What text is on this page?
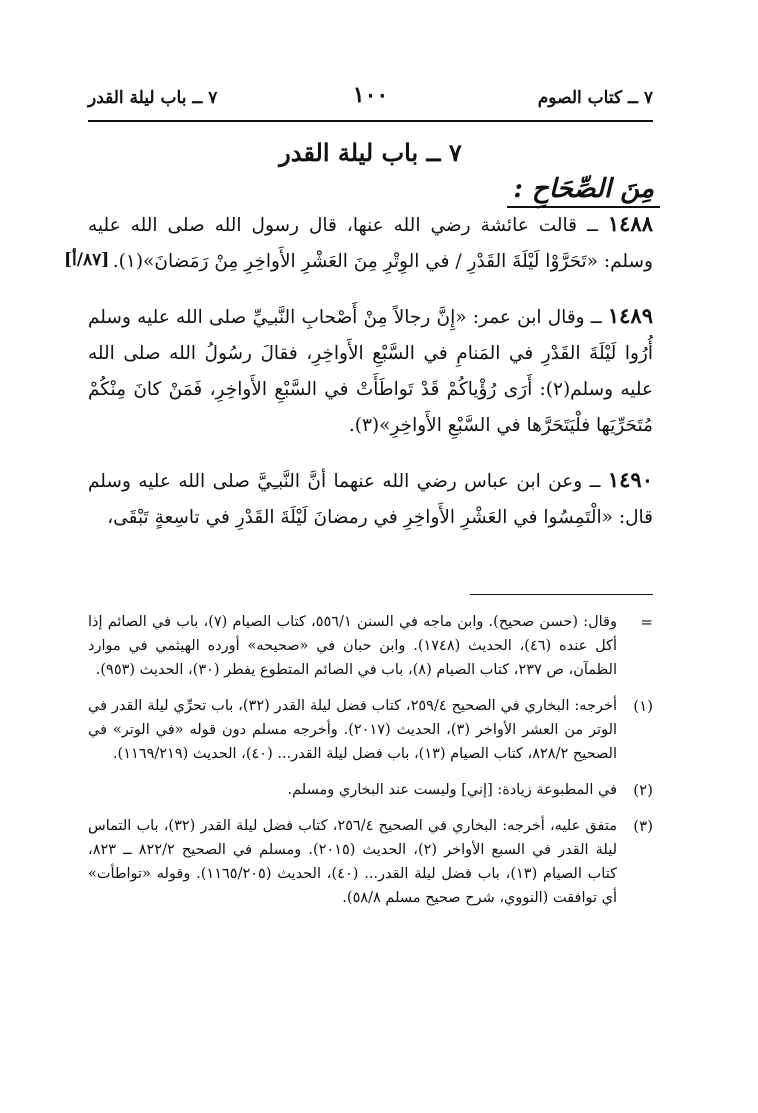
٧ ــ كتاب الصوم
١٠٠
٧ ــ باب ليلة القدر
٧ ــ باب ليلة القدر
مِنَ الصِّحَاحِ :

١٤٨٨ ــ قالت عائشة رضي الله عنها، قال رسول الله صلى الله عليه وسلم: «تَحَرَّوْا لَيْلَةَ القَدْرِ / في الوِتْرِ مِنَ العَشْرِ الأَواخِرِ مِنْ رَمَضانَ»(١).
[٨٧/أ]

١٤٨٩ ــ وقال ابن عمر: «إِنَّ رجالاً مِنْ أَصْحابِ النَّبـِيِّ صلى الله عليه وسلم أُرُوا لَيْلَةَ القَدْرِ في المَنامِ في السَّبْعِ الأَواخِرِ، فقالَ رسُولُ الله صلى الله عليه وسلم(٢): أَرَى رُؤْياكُمْ قَدْ تَواطَأَتْ في السَّبْعِ الأَواخِرِ، فَمَنْ كانَ مِنْكُمْ مُتَحَرِّيَها فلْيَتَحَرَّها في السَّبْعِ الأَواخِرِ»(٣).

١٤٩٠ ــ وعن ابن عباس رضي الله عنهما أنَّ النَّبـِيَّ صلى الله عليه وسلم قال: «الْتَمِسُوا في العَشْرِ الأَواخِرِ في رمضانَ لَيْلَةَ القَدْرِ في تاسِعةٍ تَبْقَى،

=
وقال: (حسن صحيح). وابن ماجه في السنن ٥٥٦/١، كتاب الصيام (٧)، باب في الصائم إذا أكل عنده (٤٦)، الحديث (١٧٤٨). وابن حبان في «صحيحه» أورده الهيثمي في موارد الظمآن، ص ٢٣٧، كتاب الصيام (٨)، باب في الصائم المتطوع يفطر (٣٠)، الحديث (٩٥٣).

(١)
أخرجه: البخاري في الصحيح ٢٥٩/٤، كتاب فضل ليلة القدر (٣٢)، باب تحرِّي ليلة القدر في الوتر من العشر الأواخر (٣)، الحديث (٢٠١٧). وأخرجه مسلم دون قوله «في الوتر» في الصحيح ٨٢٨/٢، كتاب الصيام (١٣)، باب فضل ليلة القدر... (٤٠)، الحديث (١١٦٩/٢١٩).

(٢)
في المطبوعة زيادة: [إني] وليست عند البخاري ومسلم.

(٣)
متفق عليه، أخرجه: البخاري في الصحيح ٢٥٦/٤، كتاب فضل ليلة القدر (٣٢)، باب التماس ليلة القدر في السبع الأواخر (٢)، الحديث (٢٠١٥). ومسلم في الصحيح ٨٢٢/٢ ــ ٨٢٣، كتاب الصيام (١٣)، باب فضل ليلة القدر... (٤٠)، الحديث (١١٦٥/٢٠٥). وقوله «تواطأت» أي توافقت (النووي، شرح صحيح مسلم ٥٨/٨).
